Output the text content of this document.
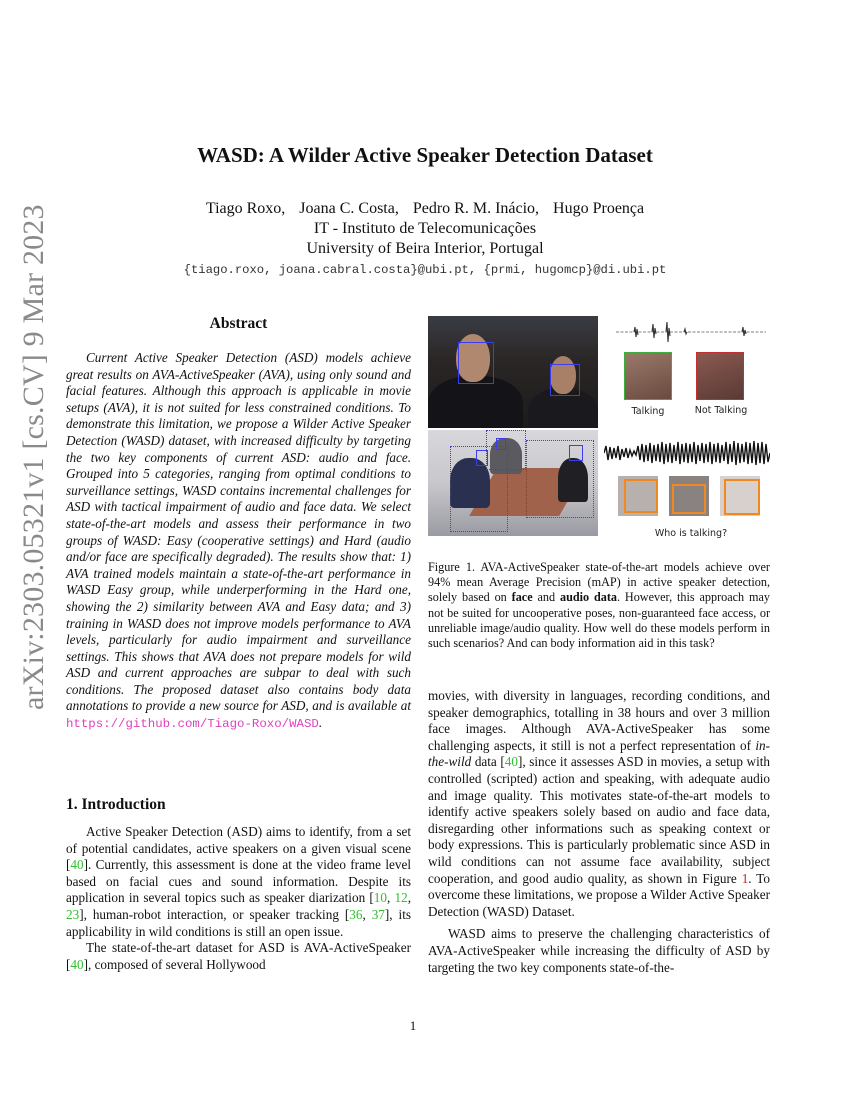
arXiv:2303.05321v1 [cs.CV] 9 Mar 2023
WASD: A Wilder Active Speaker Detection Dataset
Tiago Roxo, Joana C. Costa, Pedro R. M. Inácio, Hugo Proença
IT - Instituto de Telecomunicações
University of Beira Interior, Portugal
{tiago.roxo, joana.cabral.costa}@ubi.pt, {prmi, hugomcp}@di.ubi.pt
Abstract

Current Active Speaker Detection (ASD) models achieve great results on AVA-ActiveSpeaker (AVA), using only sound and facial features. Although this approach is applicable in movie setups (AVA), it is not suited for less constrained conditions. To demonstrate this limitation, we propose a Wilder Active Speaker Detection (WASD) dataset, with increased difficulty by targeting the two key components of current ASD: audio and face. Grouped into 5 categories, ranging from optimal conditions to surveillance settings, WASD contains incremental challenges for ASD with tactical impairment of audio and face data. We select state-of-the-art models and assess their performance in two groups of WASD: Easy (cooperative settings) and Hard (audio and/or face are specifically degraded). The results show that: 1) AVA trained models maintain a state-of-the-art performance in WASD Easy group, while underperforming in the Hard one, showing the 2) similarity between AVA and Easy data; and 3) training in WASD does not improve models performance to AVA levels, particularly for audio impairment and surveillance settings. This shows that AVA does not prepare models for wild ASD and current approaches are subpar to deal with such conditions. The proposed dataset also contains body data annotations to provide a new source for ASD, and is available at https://github.com/Tiago-Roxo/WASD.

1. Introduction

Active Speaker Detection (ASD) aims to identify, from a set of potential candidates, active speakers on a given visual scene [40]. Currently, this assessment is done at the video frame level based on facial cues and sound information. Despite its application in several topics such as speaker diarization [10, 12, 23], human-robot interaction, or speaker tracking [36, 37], its applicability in wild conditions is still an open issue.

The state-of-the-art dataset for ASD is AVA-ActiveSpeaker [40], composed of several Hollywood

Talking	Not Talking
Who is talking?
Figure 1. AVA-ActiveSpeaker state-of-the-art models achieve over 94% mean Average Precision (mAP) in active speaker detection, solely based on face and audio data. However, this approach may not be suited for uncooperative poses, non-guaranteed face access, or unreliable image/audio quality. How well do these models perform in such scenarios? And can body information aid in this task?

movies, with diversity in languages, recording conditions, and speaker demographics, totalling in 38 hours and over 3 million face images. Although AVA-ActiveSpeaker has some challenging aspects, it still is not a perfect representation of in-the-wild data [40], since it assesses ASD in movies, a setup with controlled (scripted) action and speaking, with adequate audio and image quality. This motivates state-of-the-art models to identify active speakers solely based on audio and face data, disregarding other informations such as speaking context or body expressions. This is particularly problematic since ASD in wild conditions can not assume face availability, subject cooperation, and good audio quality, as shown in Figure 1. To overcome these limitations, we propose a Wilder Active Speaker Detection (WASD) Dataset.

WASD aims to preserve the challenging characteristics of AVA-ActiveSpeaker while increasing the difficulty of ASD by targeting the two key components state-of-the-

1
